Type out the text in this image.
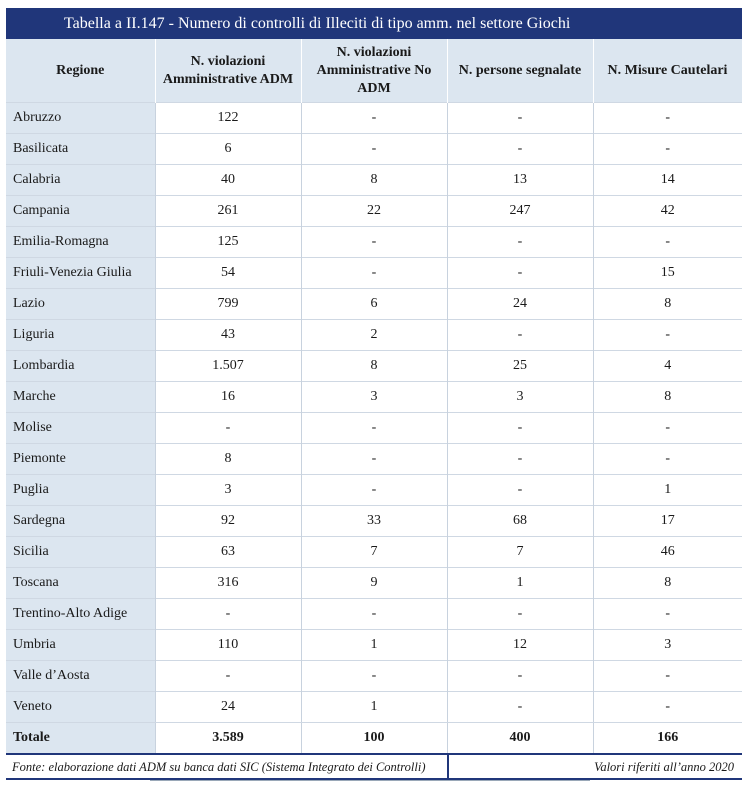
Tabella a II.147 - Numero di controlli di Illeciti di tipo amm. nel settore Giochi
Regione	N. violazioni Amministrative ADM	N. violazioni Amministrative No ADM	N. persone segnalate	N. Misure Cautelari
Abruzzo	122	-	-	-
Basilicata	6	-	-	-
Calabria	40	8	13	14
Campania	261	22	247	42
Emilia-Romagna	125	-	-	-
Friuli-Venezia Giulia	54	-	-	15
Lazio	799	6	24	8
Liguria	43	2	-	-
Lombardia	1.507	8	25	4
Marche	16	3	3	8
Molise	-	-	-	-
Piemonte	8	-	-	-
Puglia	3	-	-	1
Sardegna	92	33	68	17
Sicilia	63	7	7	46
Toscana	316	9	1	8
Trentino-Alto Adige	-	-	-	-
Umbria	110	1	12	3
Valle d’Aosta	-	-	-	-
Veneto	24	1	-	-
Totale	3.589	100	400	166
Fonte: elaborazione dati ADM su banca dati SIC (Sistema Integrato dei Controlli)	Valori riferiti all’anno 2020
